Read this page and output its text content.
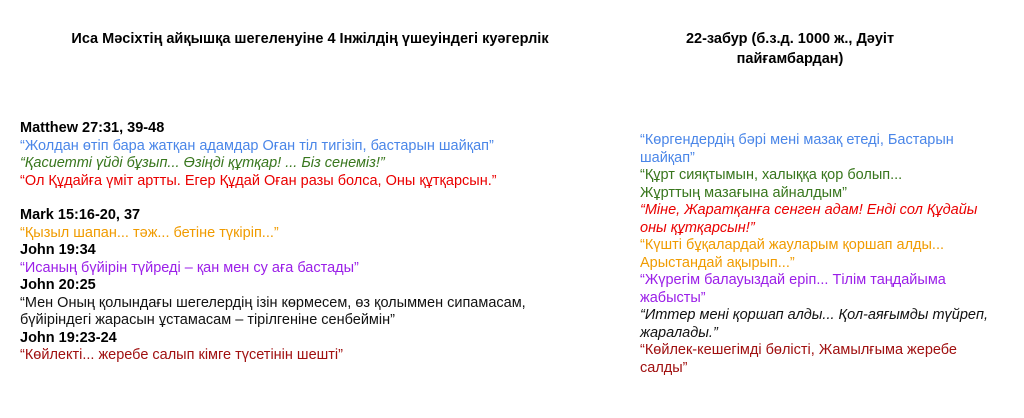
Иса Мәсіхтің айқышқа шегеленуіне 4 Інжілдің үшеуіндегі куәгерлік

Matthew 27:31, 39-48

“Жолдан өтіп бара жатқан адамдар Оған тіл тигізіп, бастарын шайқап”

“Қасиетті үйді бұзып... Өзіңді құтқар! ... Біз сенеміз!”

“Ол Құдайға үміт артты. Егер Құдай Оған разы болса, Оны құтқарсын.”

Mark 15:16-20, 37

“Қызыл шапан... тәж... бетіне түкіріп...”

John 19:34

“Исаның бүйірін түйреді – қан мен су аға бастады”

John 20:25

“Мен Оның қолындағы шегелердің ізін көрмесем, өз қолыммен сипамасам,

бүйіріндегі жарасын ұстамасам – тірілгеніне сенбеймін”

John 19:23-24

“Көйлекті... жеребе салып кімге түсетінін шешті”

22-забур (б.з.д. 1000 ж., Дәуіт
пайғамбардан)

“Көргендердің бәрі мені мазақ етеді, Бастарын

шайқап”

“Құрт сияқтымын, халыққа қор болып...

Жұрттың мазағына айналдым”

“Міне, Жаратқанға сенген адам! Енді сол Құдайы

оны құтқарсын!”

“Күшті бұқалардай жауларым қоршап алды...

Арыстандай ақырып...”

“Жүрегім балауыздай еріп... Тілім таңдайыма

жабысты”

“Иттер мені қоршап алды... Қол-аяғымды түйреп,

жаралады.”

“Көйлек-кешегімді бөлісті, Жамылғыма жеребе

салды”
